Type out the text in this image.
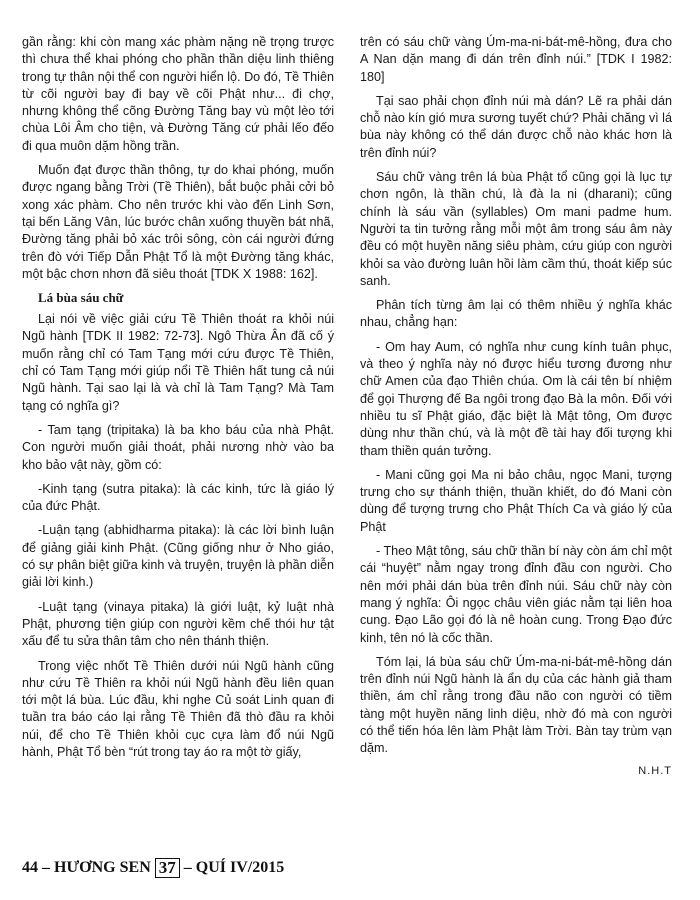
gần rằng: khi còn mang xác phàm nặng nề trọng trược thì chưa thể khai phóng cho phần thần diệu linh thiêng trong tự thân nội thể con người hiển lộ. Do đó, Tề Thiên từ cõi người bay đi bay về cõi Phật như... đi chợ, nhưng không thể cõng Đường Tăng bay vù một lèo tới chùa Lôi Âm cho tiện, và Đường Tăng cứ phải lếo đếo đi qua muôn dặm hồng trần.

Muốn đạt được thần thông, tự do khai phóng, muốn được ngang bằng Trời (Tề Thiên), bắt buộc phải cởi bỏ xong xác phàm. Cho nên trước khi vào đến Linh Sơn, tại bến Lăng Vân, lúc bước chân xuống thuyền bát nhã, Đường tăng phải bỏ xác trôi sông, còn cái người đứng trên đò với Tiếp Dẫn Phật Tổ là một Đường tăng khác, một bậc chơn nhơn đã siêu thoát [TDK X 1988: 162].

Lá bùa sáu chữ

Lại nói về việc giải cứu Tề Thiên thoát ra khỏi núi Ngũ hành [TDK II 1982: 72-73]. Ngô Thừa Ân đã cố ý muốn rằng chỉ có Tam Tạng mới cứu được Tề Thiên, chỉ có Tam Tạng mới giúp nổi Tề Thiên hất tung cả núi Ngũ hành. Tại sao lại là và chỉ là Tam Tạng? Mà Tam tạng có nghĩa gì?

- Tam tạng (tripitaka) là ba kho báu của nhà Phật. Con người muốn giải thoát, phải nương nhờ vào ba kho bảo vật này, gồm có:

-Kinh tạng (sutra pitaka): là các kinh, tức là giáo lý của đức Phật.

-Luận tạng (abhidharma pitaka): là các lời bình luận để giảng giải kinh Phật. (Cũng giống như ở Nho giáo, có sự phân biệt giữa kinh và truyện, truyện là phần diễn giải lời kinh.)

-Luật tạng (vinaya pitaka) là giới luật, kỷ luật nhà Phật, phương tiện giúp con người kềm chế thói hư tật xấu để tu sửa thân tâm cho nên thánh thiện.

Trong việc nhốt Tề Thiên dưới núi Ngũ hành cũng như cứu Tề Thiên ra khỏi núi Ngũ hành đều liên quan tới một lá bùa. Lúc đầu, khi nghe Củ soát Linh quan đi tuần tra báo cáo lại rằng Tề Thiên đã thò đầu ra khỏi núi, để cho Tề Thiên khỏi cục cựa làm đổ núi Ngũ hành, Phật Tổ bèn “rút trong tay áo ra một tờ giấy,

trên có sáu chữ vàng Úm-ma-ni-bát-mê-hồng, đưa cho A Nan dặn mang đi dán trên đỉnh núi.” [TDK I 1982: 180]

Tại sao phải chọn đỉnh núi mà dán? Lẽ ra phải dán chỗ nào kín gió mưa sương tuyết chứ? Phải chăng vì lá bùa này không có thể dán được chỗ nào khác hơn là trên đỉnh núi?

Sáu chữ vàng trên lá bùa Phật tổ cũng gọi là lục tự chơn ngôn, là thần chú, là đà la ni (dharani); cũng chính là sáu vần (syllables) Om mani padme hum. Người ta tin tưởng rằng mỗi một âm trong sáu âm này đều có một huyền năng siêu phàm, cứu giúp con người khỏi sa vào đường luân hồi làm cầm thú, thoát kiếp súc sanh.

Phân tích từng âm lại có thêm nhiều ý nghĩa khác nhau, chẳng hạn:

- Om hay Aum, có nghĩa như cung kính tuân phục, và theo ý nghĩa này nó được hiểu tương đương như chữ Amen của đạo Thiên chúa. Om là cái tên bí nhiệm để gọi Thượng đế Ba ngôi trong đạo Bà la môn. Đối với nhiều tu sĩ Phật giáo, đặc biệt là Mật tông, Om được dùng như thần chú, và là một đề tài hay đối tượng khi tham thiền quán tưởng.

- Mani cũng gọi Ma ni bảo châu, ngọc Mani, tượng trưng cho sự thánh thiện, thuần khiết, do đó Mani còn dùng để tượng trưng cho Phật Thích Ca và giáo lý của Phật

- Theo Mật tông, sáu chữ thần bí này còn ám chỉ một cái “huyệt” nằm ngay trong đỉnh đầu con người. Cho nên mới phải dán bùa trên đỉnh núi. Sáu chữ này còn mang ý nghĩa: Ôi ngọc châu viên giác nằm tại liên hoa cung. Đạo Lão gọi đó là nê hoàn cung. Trong Đạo đức kinh, tên nó là cốc thần.

Tóm lại, lá bùa sáu chữ Úm-ma-ni-bát-mê-hồng dán trên đỉnh núi Ngũ hành là ẩn dụ của các hành giả tham thiền, ám chỉ rằng trong đầu não con người có tiềm tàng một huyền năng linh diệu, nhờ đó mà con người có thể tiến hóa lên làm Phật làm Trời. Bàn tay trùm vạn dặm.

N.H.T
44 – HƯƠNG SEN 37 – QUÍ IV/2015
